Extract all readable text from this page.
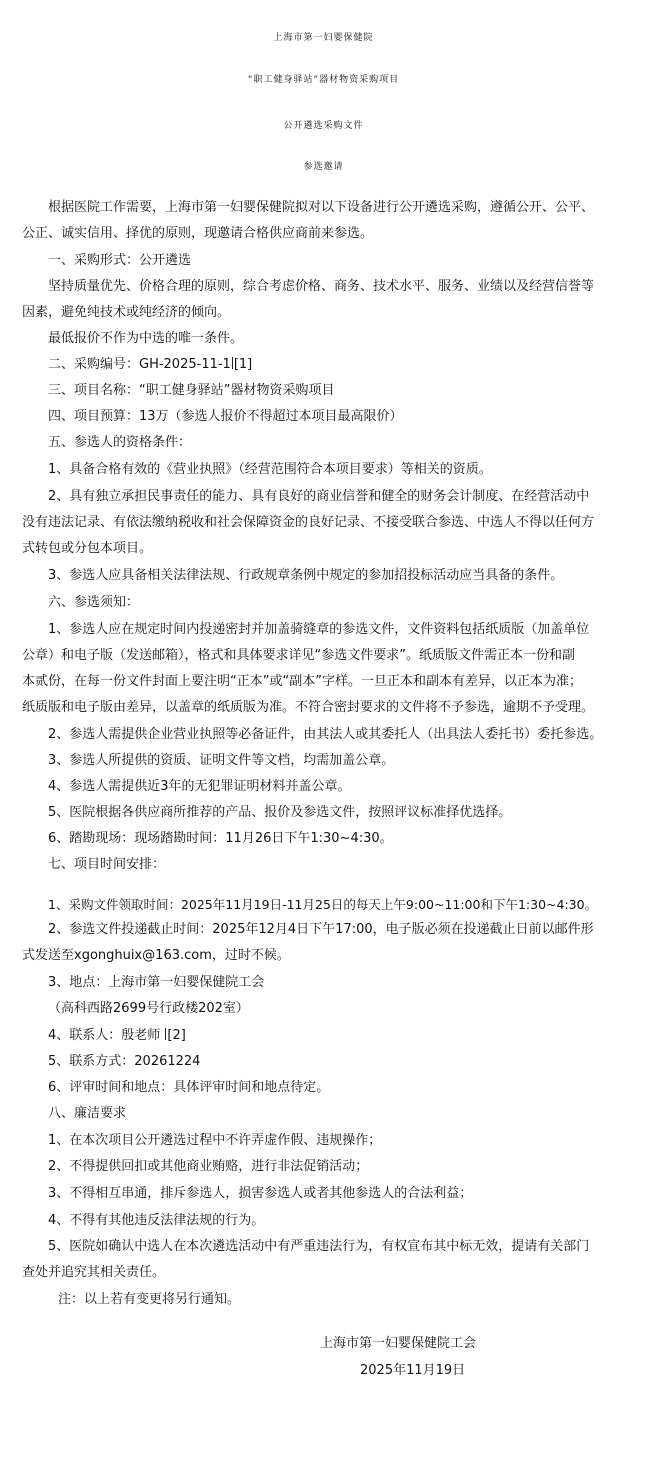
上海市第一妇婴保健院
“职工健身驿站”器材物资采购项目
公开遴选采购文件
参选邀请
根据医院工作需要，上海市第一妇婴保健院拟对以下设备进行公开遴选采购，遵循公开、公平、
公正、诚实信用、择优的原则，现邀请合格供应商前来参选。
一、采购形式：公开遴选
坚持质量优先、价格合理的原则，综合考虑价格、商务、技术水平、服务、业绩以及经营信誉等
因素，避免纯技术或纯经济的倾向。
最低报价不作为中选的唯一条件。
二、采购编号：GH-2025-11-1 [1]
三、项目名称：“职工健身驿站”器材物资采购项目
四、项目预算：13万（参选人报价不得超过本项目最高限价）
五、参选人的资格条件：
1、具备合格有效的《营业执照》（经营范围符合本项目要求）等相关的资质。
2、具有独立承担民事责任的能力、具有良好的商业信誉和健全的财务会计制度、在经营活动中
没有违法记录、有依法缴纳税收和社会保障资金的良好记录、不接受联合参选、中选人不得以任何方
式转包或分包本项目。
3、参选人应具备相关法律法规、行政规章条例中规定的参加招投标活动应当具备的条件。
六、参选须知：
1、参选人应在规定时间内投递密封并加盖骑缝章的参选文件，文件资料包括纸质版（加盖单位
公章）和电子版（发送邮箱），格式和具体要求详见“参选文件要求”。纸质版文件需正本一份和副
本贰份，在每一份文件封面上要注明“正本”或“副本”字样。一旦正本和副本有差异，以正本为准；
纸质版和电子版由差异，以盖章的纸质版为准。不符合密封要求的文件将不予参选，逾期不予受理。
2、参选人需提供企业营业执照等必备证件，由其法人或其委托人（出具法人委托书）委托参选。
3、参选人所提供的资质、证明文件等文档，均需加盖公章。
4、参选人需提供近3年的无犯罪证明材料并盖公章。
5、医院根据各供应商所推荐的产品、报价及参选文件，按照评议标准择优选择。
6、踏勘现场：现场踏勘时间：11月26日下午1:30~4:30。
七、项目时间安排：
1、采购文件领取时间：2025年11月19日-11月25日的每天上午9:00~11:00和下午1:30~4:30。
2、参选文件投递截止时间：2025年12月4日下午17:00，电子版必须在投递截止日前以邮件形
式发送至xgonghuix@163.com，过时不候。
3、地点：上海市第一妇婴保健院工会
（高科西路2699号行政楼202室）
4、联系人：殷老师 [2]
5、联系方式：20261224
6、评审时间和地点：具体评审时间和地点待定。
八、廉洁要求
1、在本次项目公开遴选过程中不许弄虚作假、违规操作；
2、不得提供回扣或其他商业贿赂，进行非法促销活动；
3、不得相互串通，排斥参选人，损害参选人或者其他参选人的合法利益；
4、不得有其他违反法律法规的行为。
5、医院如确认中选人在本次遴选活动中有严重违法行为，有权宣布其中标无效，提请有关部门
查处并追究其相关责任。
注：以上若有变更将另行通知。
上海市第一妇婴保健院工会
2025年11月19日
